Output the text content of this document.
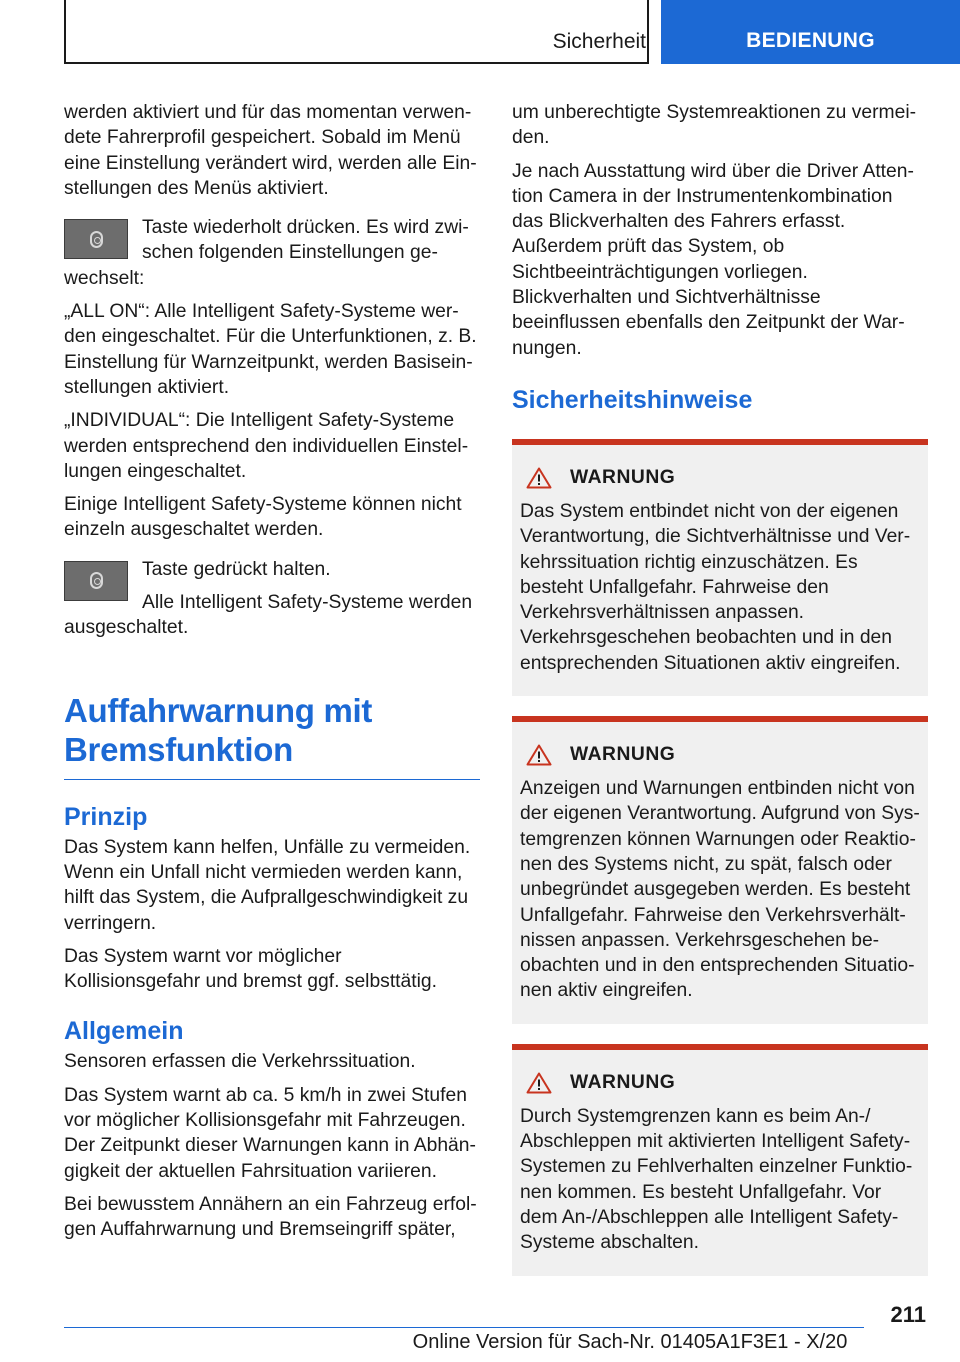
Sicherheit	BEDIENUNG

werden aktiviert und für das momentan verwendete Fahrerprofil gespeichert. Sobald im Menü eine Einstellung verändert wird, werden alle Einstellungen des Menüs aktiviert.

Taste wiederholt drücken. Es wird zwischen folgenden Einstellungen gewechselt:

„ALL ON“: Alle Intelligent Safety-Systeme werden eingeschaltet. Für die Unterfunktionen, z. B. Einstellung für Warnzeitpunkt, werden Basiseinstellungen aktiviert.

„INDIVIDUAL“: Die Intelligent Safety-Systeme werden entsprechend den individuellen Einstellungen eingeschaltet.

Einige Intelligent Safety-Systeme können nicht einzeln ausgeschaltet werden.

Taste gedrückt halten.

Alle Intelligent Safety-Systeme werden ausgeschaltet.

Auffahrwarnung mit Bremsfunktion
Prinzip

Das System kann helfen, Unfälle zu vermeiden. Wenn ein Unfall nicht vermieden werden kann, hilft das System, die Aufprallgeschwindigkeit zu verringern.

Das System warnt vor möglicher Kollisionsgefahr und bremst ggf. selbsttätig.

Allgemein

Sensoren erfassen die Verkehrssituation.

Das System warnt ab ca. 5 km/h in zwei Stufen vor möglicher Kollisionsgefahr mit Fahrzeugen. Der Zeitpunkt dieser Warnungen kann in Abhängigkeit der aktuellen Fahrsituation variieren.

Bei bewusstem Annähern an ein Fahrzeug erfolgen Auffahrwarnung und Bremseingriff später,

um unberechtigte Systemreaktionen zu vermeiden.

Je nach Ausstattung wird über die Driver Attention Camera in der Instrumentenkombination das Blickverhalten des Fahrers erfasst. Außerdem prüft das System, ob Sichtbeeinträchtigungen vorliegen. Blickverhalten und Sichtverhältnisse beeinflussen ebenfalls den Zeitpunkt der Warnungen.

Sicherheitshinweise
WARNUNG

Das System entbindet nicht von der eigenen Verantwortung, die Sichtverhältnisse und Verkehrssituation richtig einzuschätzen. Es besteht Unfallgefahr. Fahrweise den Verkehrsverhältnissen anpassen. Verkehrsgeschehen beobachten und in den entsprechenden Situationen aktiv eingreifen.

WARNUNG

Anzeigen und Warnungen entbinden nicht von der eigenen Verantwortung. Aufgrund von Systemgrenzen können Warnungen oder Reaktionen des Systems nicht, zu spät, falsch oder unbegründet ausgegeben werden. Es besteht Unfallgefahr. Fahrweise den Verkehrsverhältnissen anpassen. Verkehrsgeschehen beobachten und in den entsprechenden Situationen aktiv eingreifen.

WARNUNG

Durch Systemgrenzen kann es beim An-/ Abschleppen mit aktivierten Intelligent Safety-Systemen zu Fehlverhalten einzelner Funktionen kommen. Es besteht Unfallgefahr. Vor dem An-/Abschleppen alle Intelligent Safety-Systeme abschalten.

211
Online Version für Sach-Nr. 01405A1F3E1 - X/20
